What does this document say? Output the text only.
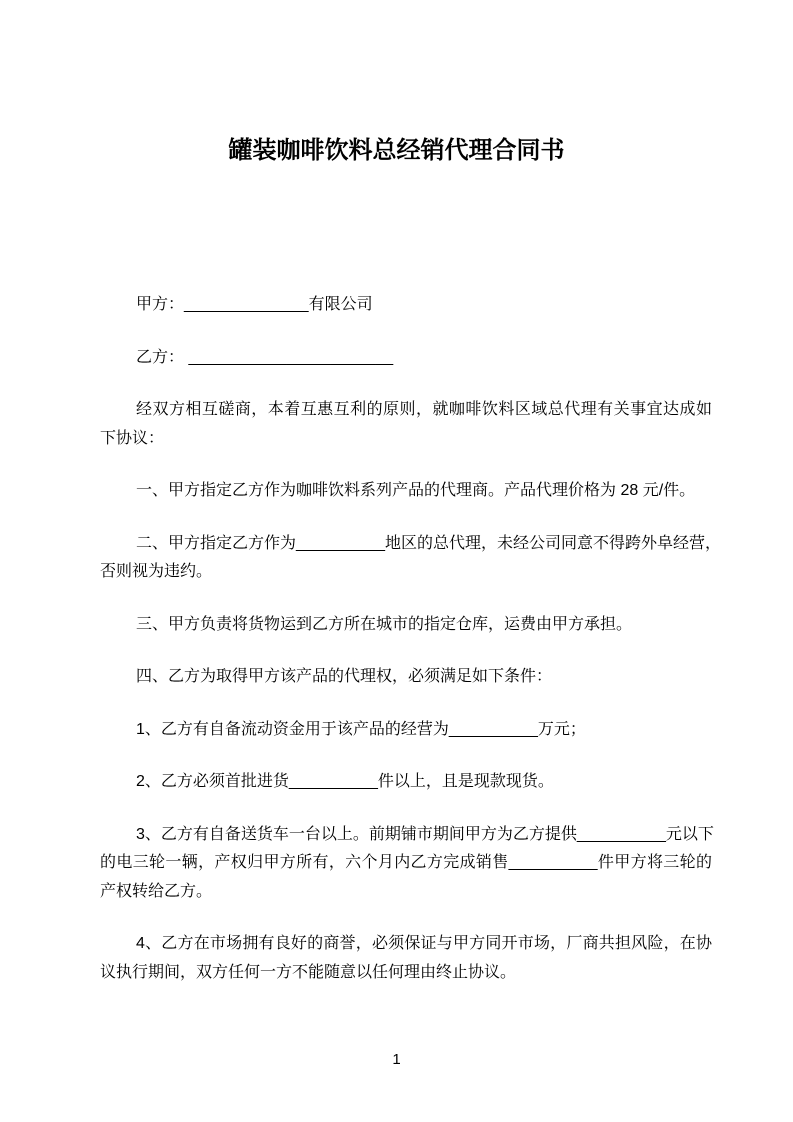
罐装咖啡饮料总经销代理合同书
甲方：______________有限公司
乙方： _______________________
经双方相互磋商，本着互惠互利的原则，就咖啡饮料区域总代理有关事宜达成如
下协议：
一、甲方指定乙方作为咖啡饮料系列产品的代理商。产品代理价格为 28 元/件。
二、甲方指定乙方作为__________地区的总代理，未经公司同意不得跨外阜经营，
否则视为违约。
三、甲方负责将货物运到乙方所在城市的指定仓库，运费由甲方承担。
四、乙方为取得甲方该产品的代理权，必须满足如下条件：
1、乙方有自备流动资金用于该产品的经营为__________万元；
2、乙方必须首批进货__________件以上，且是现款现货。
3、乙方有自备送货车一台以上。前期铺市期间甲方为乙方提供__________元以下
的电三轮一辆，产权归甲方所有，六个月内乙方完成销售__________件甲方将三轮的
产权转给乙方。
4、乙方在市场拥有良好的商誉，必须保证与甲方同开市场，厂商共担风险，在协
议执行期间，双方任何一方不能随意以任何理由终止协议。
1
